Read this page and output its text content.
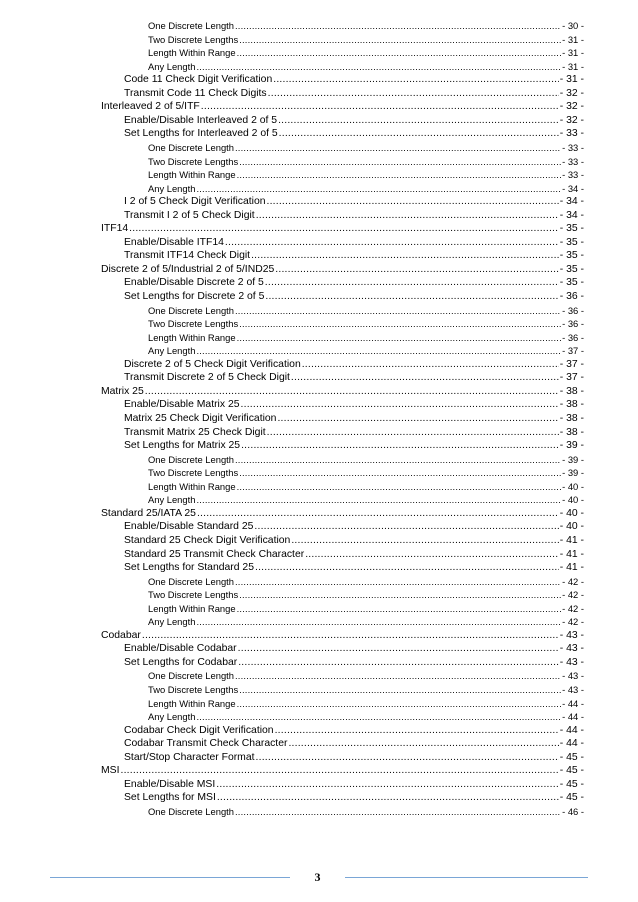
One Discrete Length .....	- 30 -
Two Discrete Lengths .....	- 31 -
Length Within Range .....	- 31 -
Any Length .....	- 31 -
Code 11 Check Digit Verification .....	- 31 -
Transmit Code 11 Check Digits .....	- 32 -
Interleaved 2 of 5/ITF .....	- 32 -
Enable/Disable Interleaved 2 of 5 .....	- 32 -
Set Lengths for Interleaved 2 of 5 .....	- 33 -
One Discrete Length .....	- 33 -
Two Discrete Lengths .....	- 33 -
Length Within Range .....	- 33 -
Any Length .....	- 34 -
I 2 of 5 Check Digit Verification .....	- 34 -
Transmit I 2 of 5 Check Digit .....	- 34 -
ITF14 .....	- 35 -
Enable/Disable ITF14 .....	- 35 -
Transmit ITF14 Check Digit .....	- 35 -
Discrete 2 of 5/Industrial 2 of 5/IND25 .....	- 35 -
Enable/Disable Discrete 2 of 5 .....	- 35 -
Set Lengths for Discrete 2 of 5 .....	- 36 -
One Discrete Length .....	- 36 -
Two Discrete Lengths .....	- 36 -
Length Within Range .....	- 36 -
Any Length .....	- 37 -
Discrete 2 of 5 Check Digit Verification .....	- 37 -
Transmit Discrete 2 of 5 Check Digit .....	- 37 -
Matrix 25 .....	- 38 -
Enable/Disable Matrix 25 .....	- 38 -
Matrix 25 Check Digit Verification .....	- 38 -
Transmit Matrix 25 Check Digit .....	- 38 -
Set Lengths for Matrix 25 .....	- 39 -
One Discrete Length .....	- 39 -
Two Discrete Lengths .....	- 39 -
Length Within Range .....	- 40 -
Any Length .....	- 40 -
Standard 25/IATA 25 .....	- 40 -
Enable/Disable Standard 25 .....	- 40 -
Standard 25 Check Digit Verification .....	- 41 -
Standard 25 Transmit Check Character .....	- 41 -
Set Lengths for Standard 25 .....	- 41 -
One Discrete Length .....	- 42 -
Two Discrete Lengths .....	- 42 -
Length Within Range .....	- 42 -
Any Length .....	- 42 -
Codabar .....	- 43 -
Enable/Disable Codabar .....	- 43 -
Set Lengths for Codabar .....	- 43 -
One Discrete Length .....	- 43 -
Two Discrete Lengths .....	- 43 -
Length Within Range .....	- 44 -
Any Length .....	- 44 -
Codabar Check Digit Verification .....	- 44 -
Codabar Transmit Check Character .....	- 44 -
Start/Stop Character Format .....	- 45 -
MSI .....	- 45 -
Enable/Disable MSI .....	- 45 -
Set Lengths for MSI .....	- 45 -
One Discrete Length .....	- 46 -
3
